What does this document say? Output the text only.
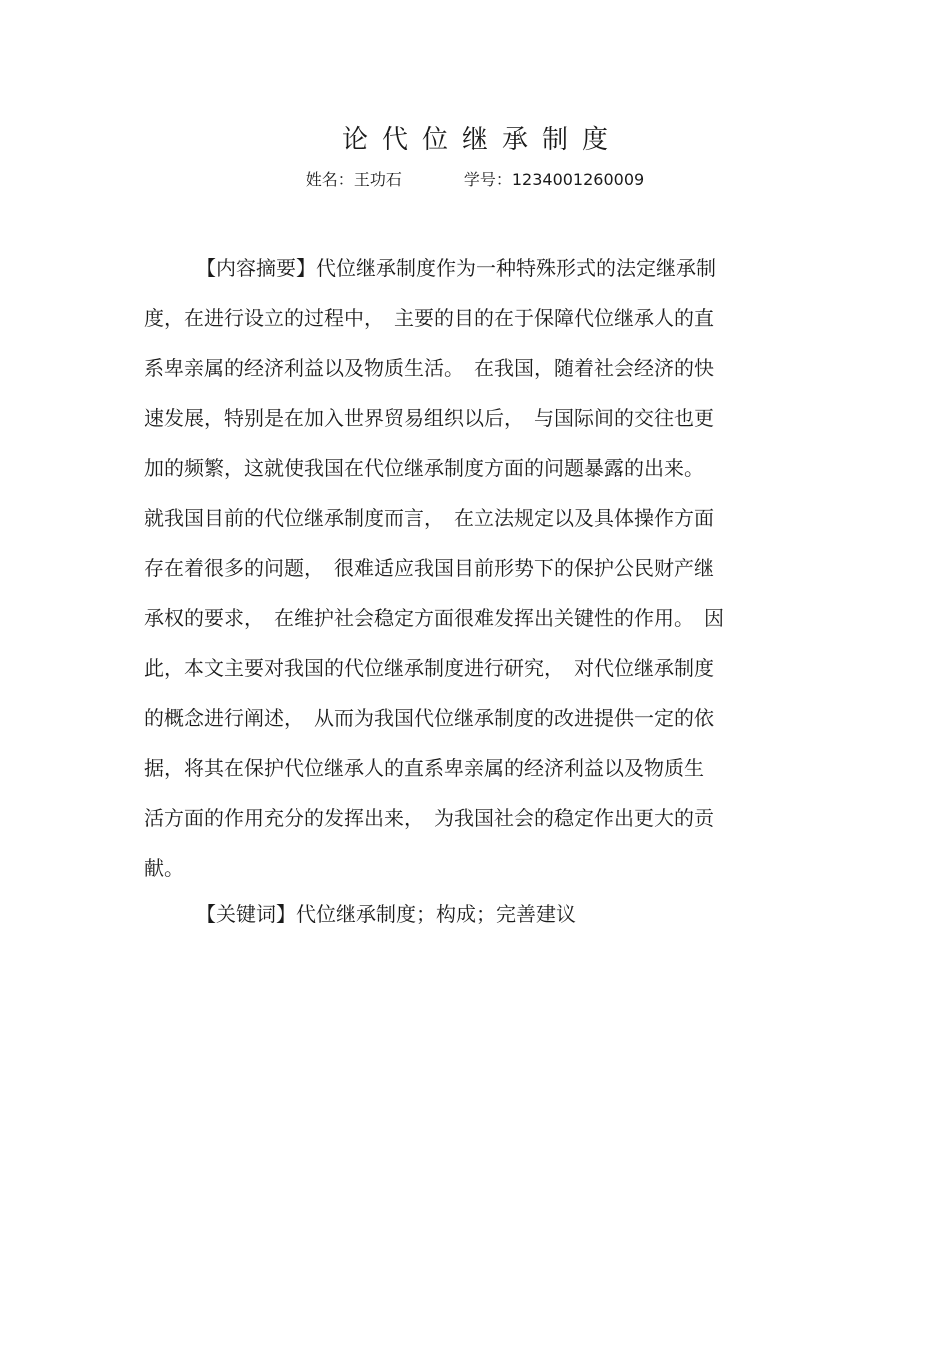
论代位继承制度
姓名：王功石	学号：1234001260009
【内容摘要】代位继承制度作为一种特殊形式的法定继承制
度，在进行设立的过程中，　主要的目的在于保障代位继承人的直
系卑亲属的经济利益以及物质生活。　在我国，随着社会经济的快
速发展，特别是在加入世界贸易组织以后，　与国际间的交往也更
加的频繁，这就使我国在代位继承制度方面的问题暴露的出来。
就我国目前的代位继承制度而言，　在立法规定以及具体操作方面
存在着很多的问题，　很难适应我国目前形势下的保护公民财产继
承权的要求，　在维护社会稳定方面很难发挥出关键性的作用。　因
此，本文主要对我国的代位继承制度进行研究，　对代位继承制度
的概念进行阐述，　从而为我国代位继承制度的改进提供一定的依
据，将其在保护代位继承人的直系卑亲属的经济利益以及物质生
活方面的作用充分的发挥出来，　为我国社会的稳定作出更大的贡
献。
【关键词】代位继承制度；构成；完善建议
